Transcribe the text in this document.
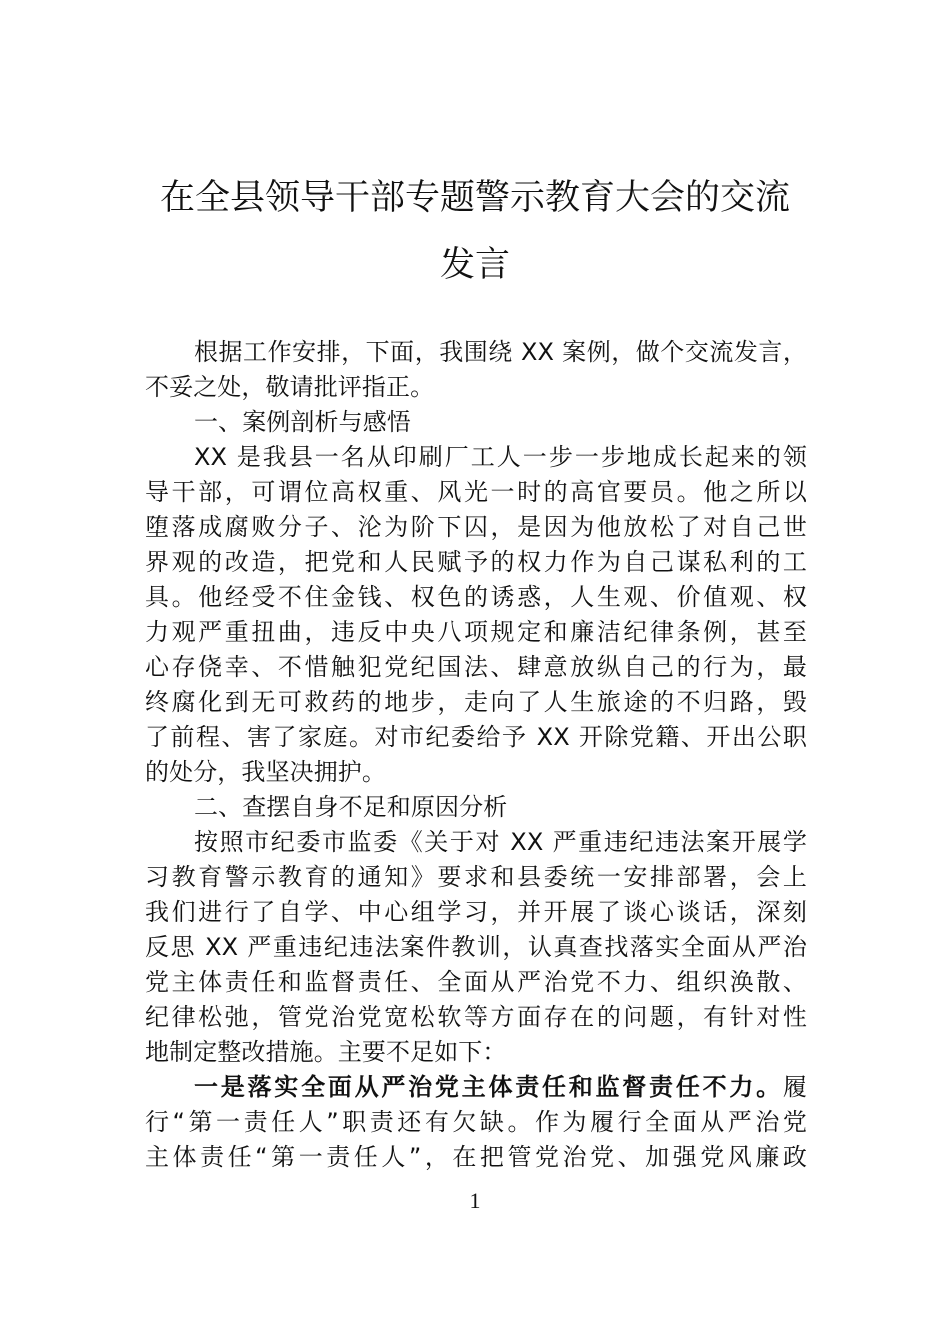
在全县领导干部专题警示教育大会的交流
发言
根据工作安排，下面，我围绕 XX 案例，做个交流发言，
不妥之处，敬请批评指正。
一、案例剖析与感悟
XX 是我县一名从印刷厂工人一步一步地成长起来的领
导干部，可谓位高权重、风光一时的高官要员。他之所以
堕落成腐败分子、沦为阶下囚，是因为他放松了对自己世
界观的改造，把党和人民赋予的权力作为自己谋私利的工
具。他经受不住金钱、权色的诱惑，人生观、价值观、权
力观严重扭曲，违反中央八项规定和廉洁纪律条例，甚至
心存侥幸、不惜触犯党纪国法、肆意放纵自己的行为，最
终腐化到无可救药的地步，走向了人生旅途的不归路，毁
了前程、害了家庭。对市纪委给予 XX 开除党籍、开出公职
的处分，我坚决拥护。
二、查摆自身不足和原因分析
按照市纪委市监委《关于对 XX 严重违纪违法案开展学
习教育警示教育的通知》要求和县委统一安排部署，会上
我们进行了自学、中心组学习，并开展了谈心谈话，深刻
反思 XX 严重违纪违法案件教训，认真查找落实全面从严治
党主体责任和监督责任、全面从严治党不力、组织涣散、
纪律松弛，管党治党宽松软等方面存在的问题，有针对性
地制定整改措施。主要不足如下：
一是落实全面从严治党主体责任和监督责任不力。履
行“第一责任人”职责还有欠缺。作为履行全面从严治党
主体责任“第一责任人”，在把管党治党、加强党风廉政
1
